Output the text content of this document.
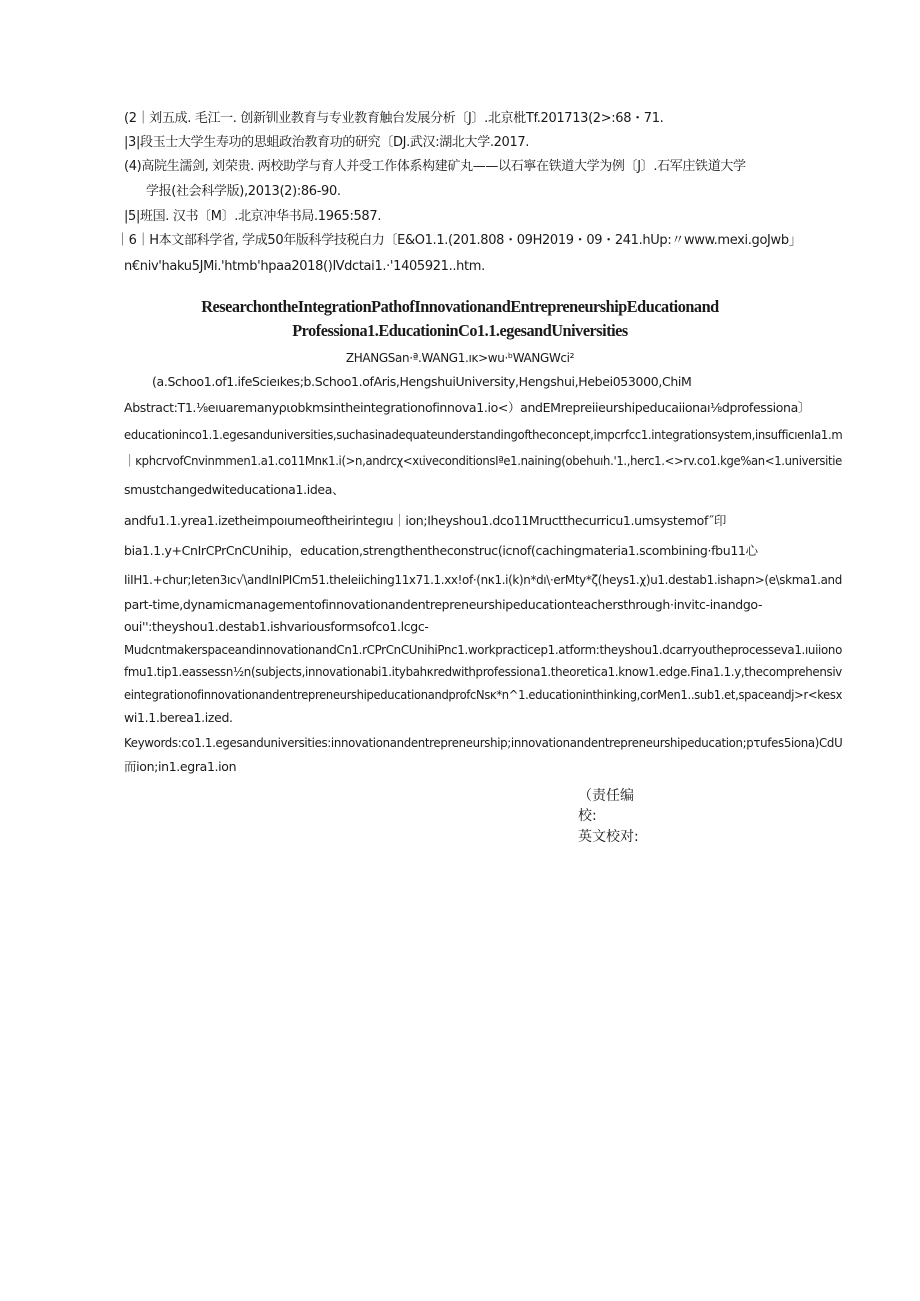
(2｜刘五成. 毛江一. 创新钏业教育与专业教育触台发展分析〔J〕.北京枇Tf.201713(2>:68・71.
|3|段玉士大学生寿功的思蛆政治教育功的研究〔DJ.武汉:湖北大学.2017.
(4)高院生濡剑, 刘荣贵. 两校助学与育人并受工作体系构建矿丸——以石寧在铁道大学为例〔J〕.石军庄铁道大学
学报(社会科学版),2013(2):86-90.
|5|班国. 汉书〔M〕.北京冲华书局.1965:587.
｜6｜H本文部科学省, 学成50年版科学技税白力〔E&O1.1.(201.808・09H2019・09・241.hUp:〃www.mexi.goJwb」
n€niv'haku5JMi.'htmb'hpaa2018()Ⅳdctai1.·'1405921..htm.
ResearchontheIntegrationPathofInnovationandEntrepreneurshipEducationand
Professiona1.EducationinCo1.1.egesandUniversities
ZHANGSan·ª.WANG1.ıĸ>wu·ᵇWANGWci²
(a.Schoo1.of1.ifeScieıkes;b.Schoo1.ofAris,HengshuiUniversity,Hengshui,Hebei053000,ChiM
Abstract:T1.⅛eıuaremanyριobkmsintheintegrationofinnova1.io<）andEMrepreiieurshipeducaiionaı⅛dprofessiona〕
educationinco1.1.egesanduniversities,suchasinadequateunderstandingoftheconcept,impcrfcc1.integrationsystem,insufficıenIa1.m
｜ĸphcrvofCnvinmmen1.a1.co11Mnκ1.i(>n,andrcχ<xιiveconditionsIªe1.naining(obehuıh.'1.,herc1.<>rv.co1.kge%an<1.universitie
smustchangedwiteducationa1.idea、
andfu1.1.yrea1.izetheimpoıumeoftheirintegıu｜ion;Iheyshou1.dco11Mructthecurricu1.umsystemof˝印
bia1.1.y+CnIrCPrCnCUnihip，education,strengthentheconstruc(icnof(cachingmateria1.scombining·fbu11心
IiIH1.+chur;Ieten3ıc√\andInIPICm51.theIeiiching11x71.1.xx!of·(nκ1.i(k)n*dı\·erMty*ζ(heys1.χ)u1.destab1.ishapn>(e\skma1.and
part-time,dynamicmanagementofinnovationandentrepreneurshipeducationteachersthrough·invitc-inandgo-
oui'':theyshou1.destab1.ishvariousformsofco1.lcgc-
MudcntmakerspaceandinnovationandCn1.rCPrCnCUnihiPnc1.workpracticep1.atform:theyshou1.dcarryoutheprocesseva1.ıuiiono
fmu1.tip1.eassessn⅟₂n(subjects,innovationabi1.itybahκredwithprofessiona1.theoretica1.know1.edge.Fina1.1.y,thecomprehensiv
eintegrationofinnovationandentrepreneurshipeducationandprofcNsĸ*n^1.educationinthinking,corMen1..sub1.et,spaceandj>r<kesx
wi1.1.berea1.ized.
Keywords:co1.1.egesanduniversities:innovationandentrepreneurship;innovationandentrepreneurshipeducation;pτufes5iona)CdU
而ion;in1.egra1.ion
（责任编
校:
英文校对:
